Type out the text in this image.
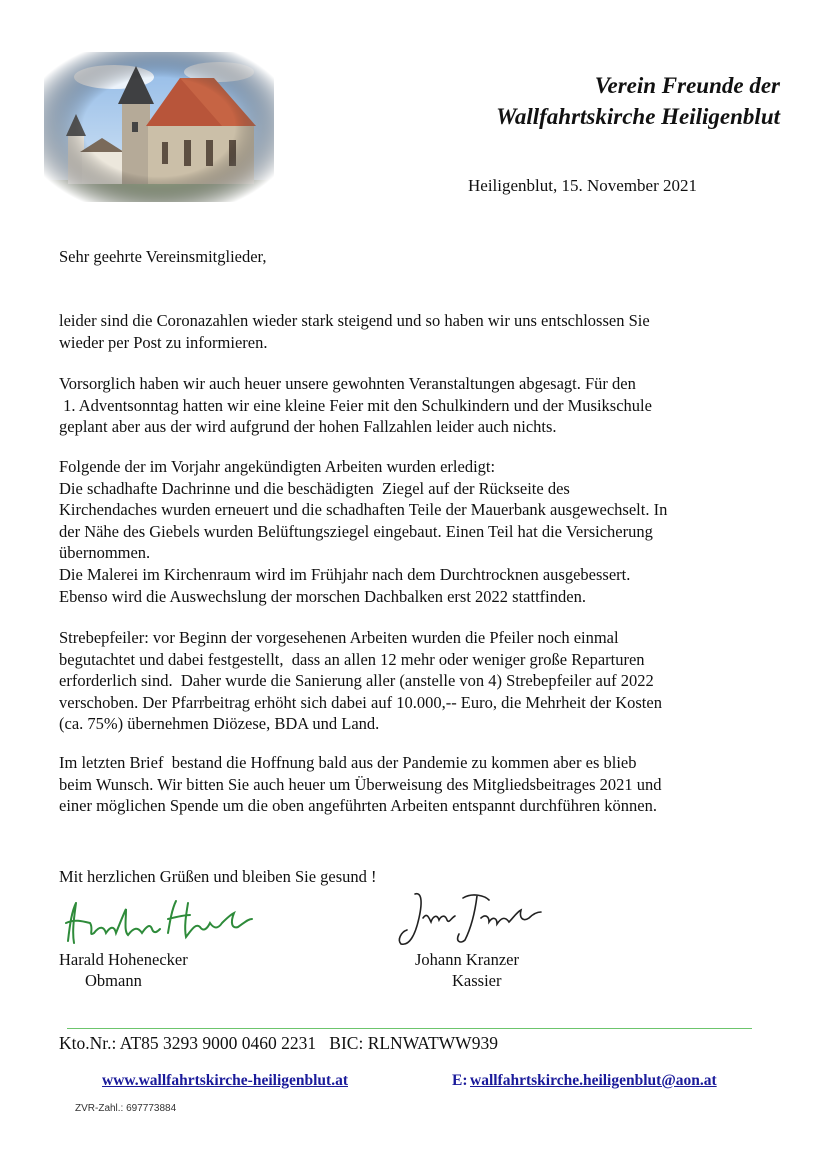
Verein Freunde der
Wallfahrtskirche Heiligenblut
Heiligenblut, 15. November 2021
Sehr geehrte Vereinsmitglieder,
leider sind die Coronazahlen wieder stark steigend und so haben wir uns entschlossen Sie
wieder per Post zu informieren.
Vorsorglich haben wir auch heuer unsere gewohnten Veranstaltungen abgesagt. Für den
1. Adventsonntag hatten wir eine kleine Feier mit den Schulkindern und der Musikschule
geplant aber aus der wird aufgrund der hohen Fallzahlen leider auch nichts.
Folgende der im Vorjahr angekündigten Arbeiten wurden erledigt:
Die schadhafte Dachrinne und die beschädigten  Ziegel auf der Rückseite des
Kirchendaches wurden erneuert und die schadhaften Teile der Mauerbank ausgewechselt. In
der Nähe des Giebels wurden Belüftungsziegel eingebaut. Einen Teil hat die Versicherung
übernommen.
Die Malerei im Kirchenraum wird im Frühjahr nach dem Durchtrocknen ausgebessert.
Ebenso wird die Auswechslung der morschen Dachbalken erst 2022 stattfinden.
Strebepfeiler: vor Beginn der vorgesehenen Arbeiten wurden die Pfeiler noch einmal
begutachtet und dabei festgestellt,  dass an allen 12 mehr oder weniger große Reparturen
erforderlich sind.  Daher wurde die Sanierung aller (anstelle von 4) Strebepfeiler auf 2022
verschoben. Der Pfarrbeitrag erhöht sich dabei auf 10.000,-- Euro, die Mehrheit der Kosten
(ca. 75%) übernehmen Diözese, BDA und Land.
Im letzten Brief  bestand die Hoffnung bald aus der Pandemie zu kommen aber es blieb
beim Wunsch. Wir bitten Sie auch heuer um Überweisung des Mitgliedsbeitrages 2021 und
einer möglichen Spende um die oben angeführten Arbeiten entspannt durchführen können.
Mit herzlichen Grüßen und bleiben Sie gesund !
Harald Hohenecker
Obmann
Johann Kranzer
Kassier
Kto.Nr.: AT85 3293 9000 0460 2231   BIC: RLNWATWW939
www.wallfahrtskirche-heiligenblut.at	E: wallfahrtskirche.heiligenblut@aon.at
ZVR-Zahl.: 697773884
